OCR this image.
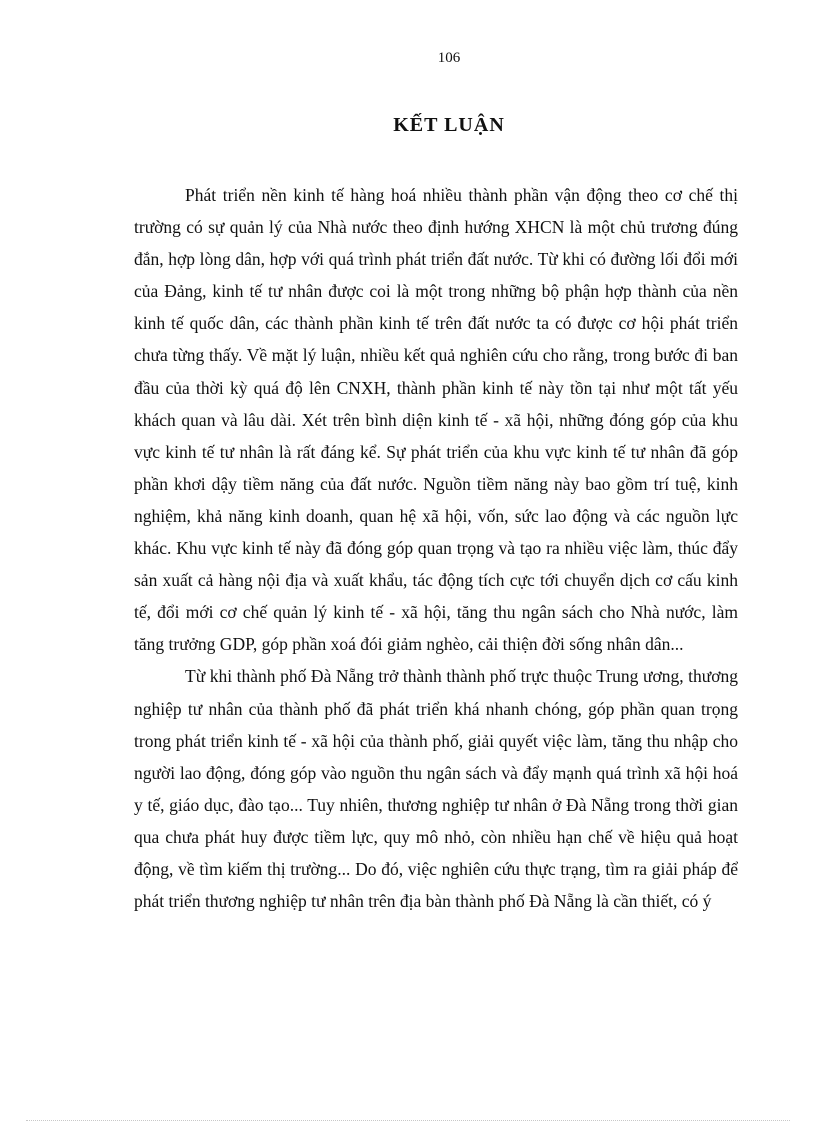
106
KẾT LUẬN

Phát triển nền kinh tế hàng hoá nhiều thành phần vận động theo cơ chế thị trường có sự quản lý của Nhà nước theo định hướng XHCN là một chủ trương đúng đắn, hợp lòng dân, hợp với quá trình phát triển đất nước. Từ khi có đường lối đổi mới của Đảng, kinh tế tư nhân được coi là một trong những bộ phận hợp thành của nền kinh tế quốc dân, các thành phần kinh tế trên đất nước ta có được cơ hội phát triển chưa từng thấy. Về mặt lý luận, nhiều kết quả nghiên cứu cho rằng, trong bước đi ban đầu của thời kỳ quá độ lên CNXH, thành phần kinh tế này tồn tại như một tất yếu khách quan và lâu dài. Xét trên bình diện kinh tế - xã hội, những đóng góp của khu vực kinh tế tư nhân là rất đáng kể. Sự phát triển của khu vực kinh tế tư nhân đã góp phần khơi dậy tiềm năng của đất nước. Nguồn tiềm năng này bao gồm trí tuệ, kinh nghiệm, khả năng kinh doanh, quan hệ xã hội, vốn, sức lao động và các nguồn lực khác. Khu vực kinh tế này đã đóng góp quan trọng và tạo ra nhiều việc làm, thúc đẩy sản xuất cả hàng nội địa và xuất khẩu, tác động tích cực tới chuyển dịch cơ cấu kinh tế, đổi mới cơ chế quản lý kinh tế - xã hội, tăng thu ngân sách cho Nhà nước, làm tăng trưởng GDP, góp phần xoá đói giảm nghèo, cải thiện đời sống nhân dân...

Từ khi thành phố Đà Nẵng trở thành thành phố trực thuộc Trung ương, thương nghiệp tư nhân của thành phố đã phát triển khá nhanh chóng, góp phần quan trọng trong phát triển kinh tế - xã hội của thành phố, giải quyết việc làm, tăng thu nhập cho người lao động, đóng góp vào nguồn thu ngân sách và đẩy mạnh quá trình xã hội hoá y tế, giáo dục, đào tạo... Tuy nhiên, thương nghiệp tư nhân ở Đà Nẵng trong thời gian qua chưa phát huy được tiềm lực, quy mô nhỏ, còn nhiều hạn chế về hiệu quả hoạt động, về tìm kiếm thị trường... Do đó, việc nghiên cứu thực trạng, tìm ra giải pháp để phát triển thương nghiệp tư nhân trên địa bàn thành phố Đà Nẵng là cần thiết, có ý
